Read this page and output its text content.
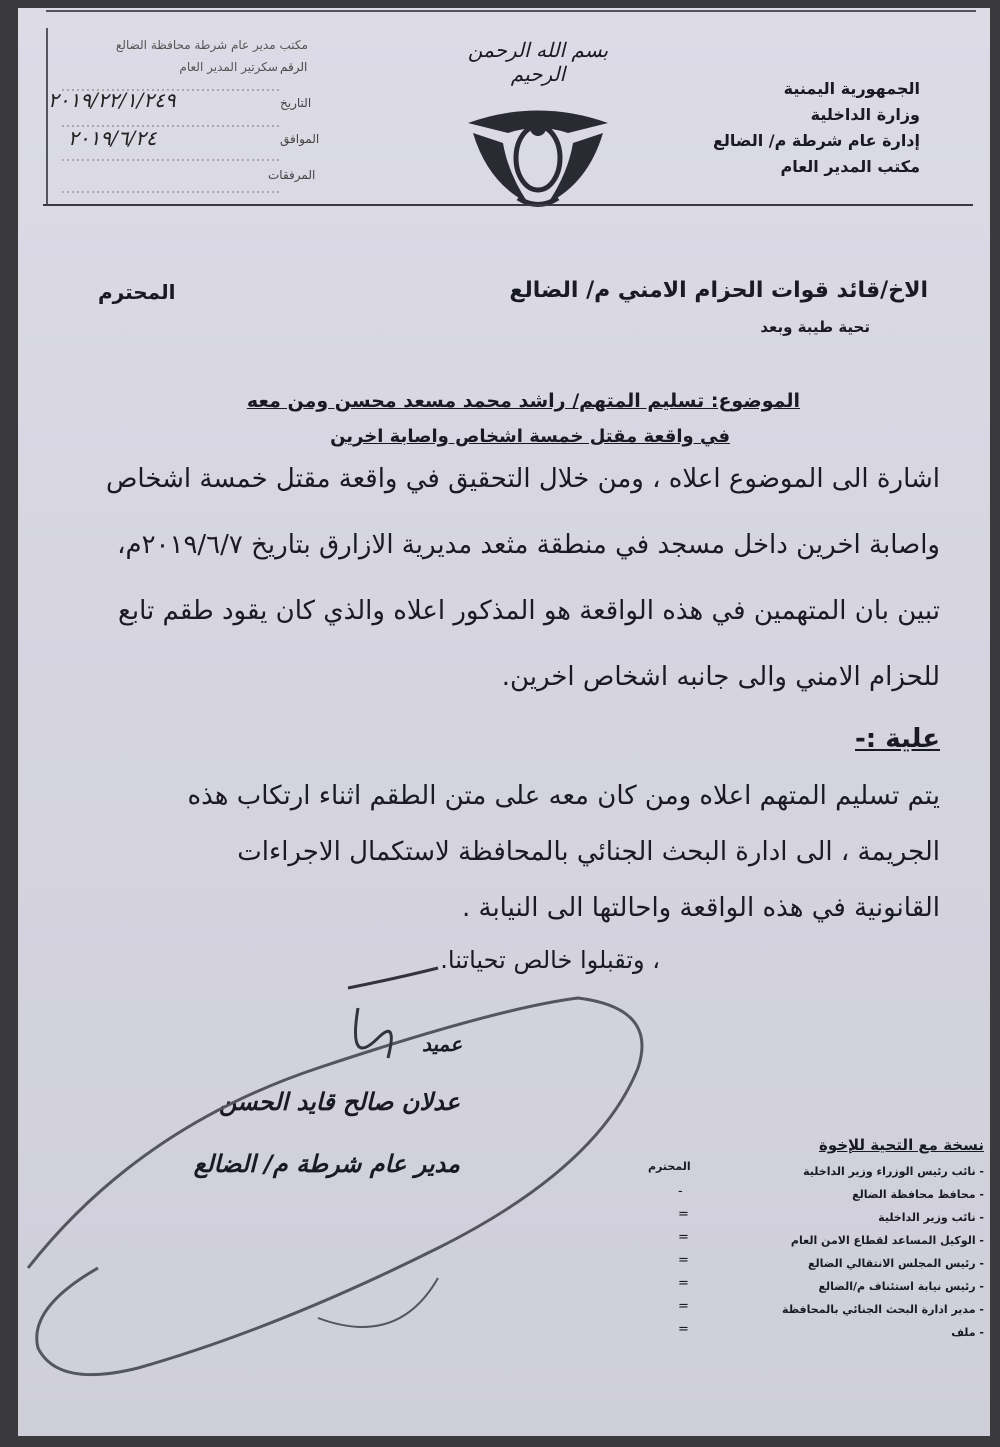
الجمهورية اليمنية
وزارة الداخلية
إدارة عام شرطة م/ الضالع
مكتب المدير العام
بسم الله الرحمن الرحيم
مكتب مدير عام شرطة محافظة الضالع
سكرتير المدير العام الرقم
التاريخ
٢٠١٩/٢٢/١/٢٤٩
الموافق
٢٠١٩/٦/٢٤
المرفقات
الاخ/قائد قوات الحزام الامني م/ الضالع
تحية طيبة وبعد
المحترم
الموضوع: تسليم المتهم/ راشد محمد مسعد محسن ومن معه
في واقعة مقتل خمسة اشخاص واصابة اخرين
اشارة الى الموضوع اعلاه ، ومن خلال التحقيق في واقعة مقتل خمسة اشخاص
واصابة اخرين داخل مسجد في منطقة مثعد مديرية الازارق بتاريخ ٢٠١٩/٦/٧م،
تبين بان المتهمين في هذه الواقعة هو المذكور اعلاه والذي كان يقود طقم تابع
للحزام الامني والى جانبه اشخاص اخرين.
علية :-
يتم تسليم المتهم اعلاه ومن كان معه على متن الطقم اثناء ارتكاب هذه
الجريمة ، الى ادارة البحث الجنائي بالمحافظة لاستكمال الاجراءات
القانونية في هذه الواقعة واحالتها الى النيابة .
، وتقبلوا خالص تحياتنا.
عميد
عدلان صالح قايد الحسن
مدير عام شرطة م/ الضالع
نسخة مع التحية للإخوة
المحترم
-
=
=
=
=
=
=
- نائب رئيس الوزراء وزير الداخلية
- محافظ محافظة الضالع
- نائب وزير الداخلية
- الوكيل المساعد لقطاع الامن العام
- رئيس المجلس الانتقالي الضالع
- رئيس نيابة استئناف م/الضالع
- مدير ادارة البحث الجنائي بالمحافظة
- ملف
